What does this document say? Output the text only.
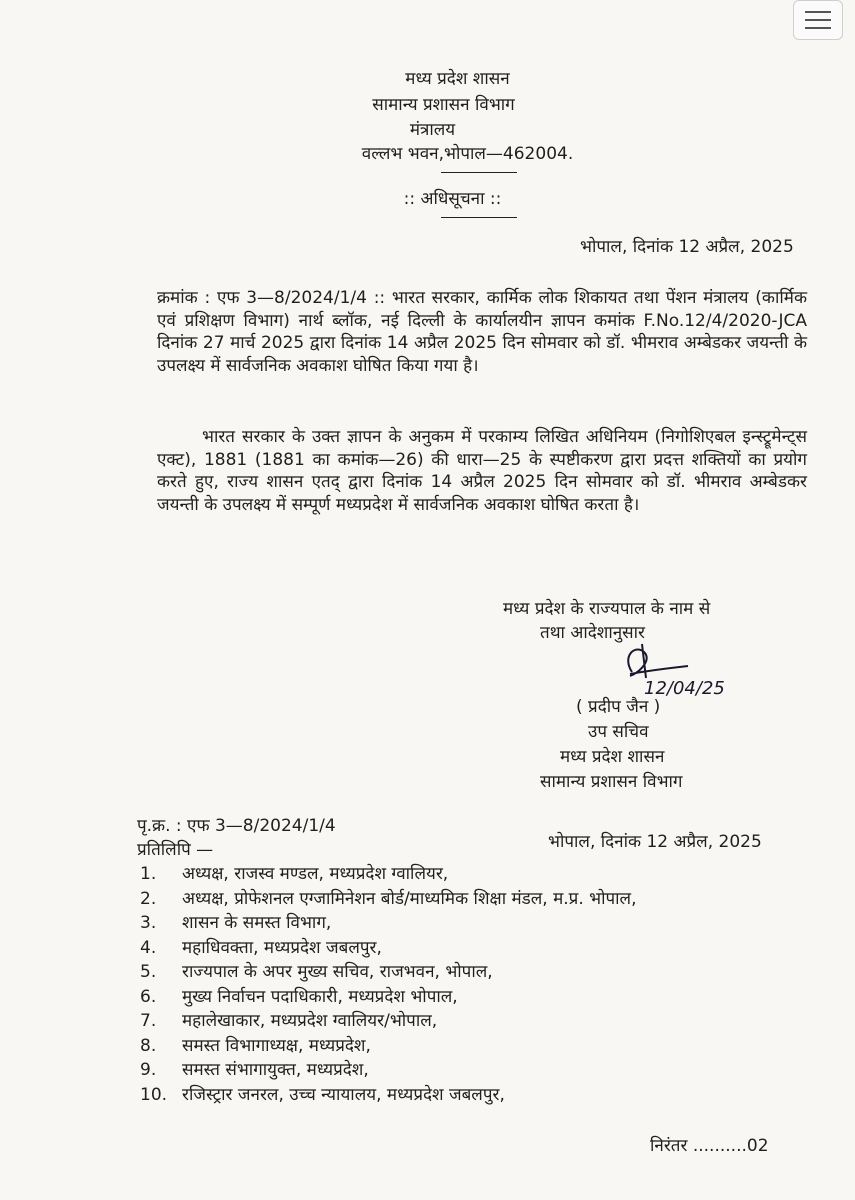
मध्य प्रदेश शासन
सामान्य प्रशासन विभाग
मंत्रालय
वल्लभ भवन,भोपाल—462004.
:: अधिसूचना ::
भोपाल, दिनांक 12 अप्रैल, 2025
क्रमांक : एफ 3—8/2024/1/4 :: भारत सरकार, कार्मिक लोक शिकायत तथा पेंशन मंत्रालय (कार्मिक एवं प्रशिक्षण विभाग) नार्थ ब्लॉक, नई दिल्ली के कार्यालयीन ज्ञापन कमांक F.No.12/4/2020-JCA दिनांक 27 मार्च 2025 द्वारा दिनांक 14 अप्रैल 2025 दिन सोमवार को डॉ. भीमराव अम्बेडकर जयन्ती के उपलक्ष्य में सार्वजनिक अवकाश घोषित किया गया है।
भारत सरकार के उक्त ज्ञापन के अनुकम में परकाम्य लिखित अधिनियम (निगोशिएबल इन्स्ट्रूमेन्ट्स एक्ट), 1881 (1881 का कमांक—26) की धारा—25 के स्पष्टीकरण द्वारा प्रदत्त शक्तियों का प्रयोग करते हुए, राज्य शासन एतद् द्वारा दिनांक 14 अप्रैल 2025 दिन सोमवार को डॉ. भीमराव अम्बेडकर जयन्ती के उपलक्ष्य में सम्पूर्ण मध्यप्रदेश में सार्वजनिक अवकाश घोषित करता है।
मध्य प्रदेश के राज्यपाल के नाम से
तथा आदेशानुसार
12/04/25
( प्रदीप जैन )
उप सचिव
मध्य प्रदेश शासन
सामान्य प्रशासन विभाग
पृ.क्र. : एफ 3—8/2024/1/4
भोपाल, दिनांक 12 अप्रैल, 2025
प्रतिलिपि —
1. अध्यक्ष, राजस्व मण्डल, मध्यप्रदेश ग्वालियर,
2. अध्यक्ष, प्रोफेशनल एग्जामिनेशन बोर्ड/माध्यमिक शिक्षा मंडल, म.प्र. भोपाल,
3. शासन के समस्त विभाग,
4. महाधिवक्ता, मध्यप्रदेश जबलपुर,
5. राज्यपाल के अपर मुख्य सचिव, राजभवन, भोपाल,
6. मुख्य निर्वाचन पदाधिकारी, मध्यप्रदेश भोपाल,
7. महालेखाकार, मध्यप्रदेश ग्वालियर/भोपाल,
8. समस्त विभागाध्यक्ष, मध्यप्रदेश,
9. समस्त संभागायुक्त, मध्यप्रदेश,
10. रजिस्ट्रार जनरल, उच्च न्यायालय, मध्यप्रदेश जबलपुर,
निरंतर ..........02
